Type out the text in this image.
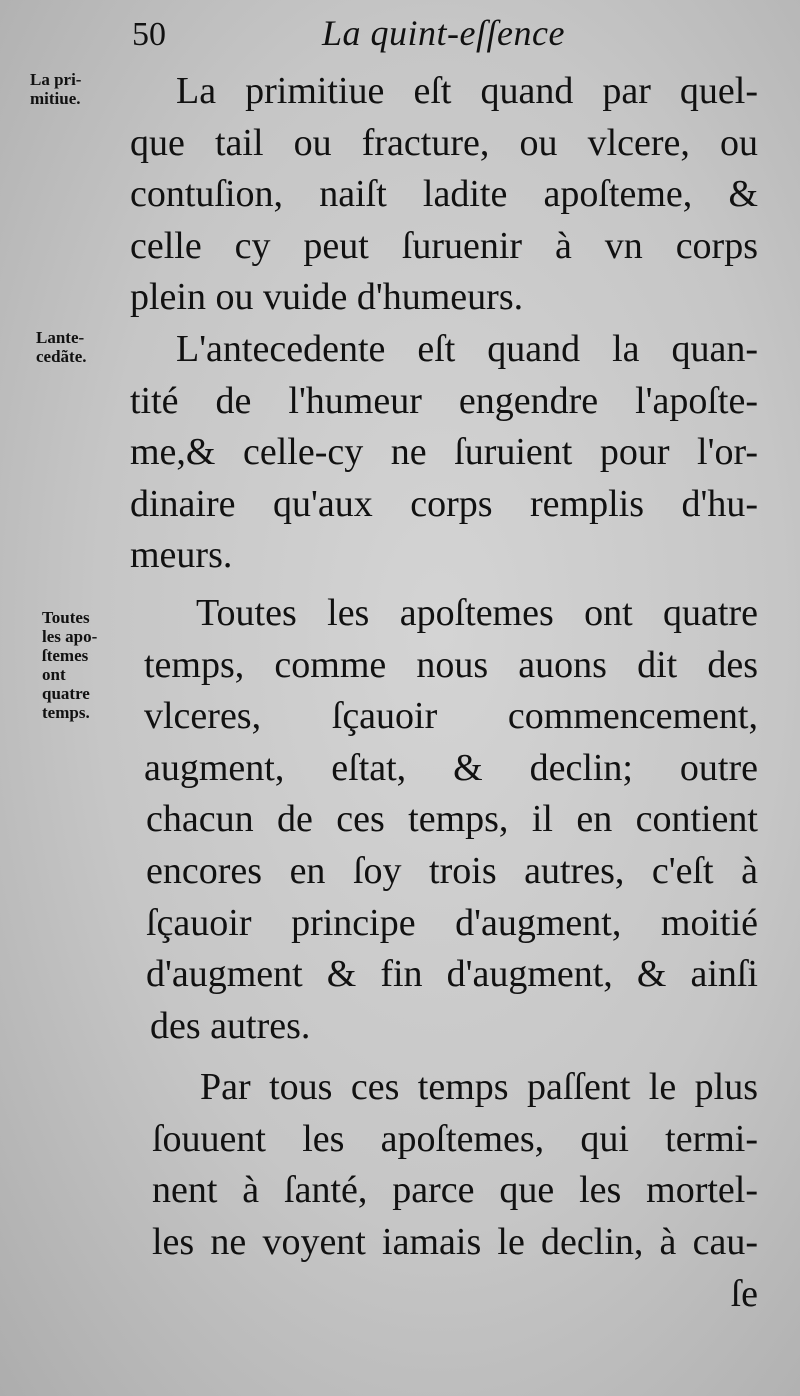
50	La quint-eſſence
La pri-
mitiue.
Lante-
cedãte.
Toutes
les apo-
ſtemes
ont
quatre
temps.
La primitiue eſt quand par quel-
que tail ou fracture, ou vlcere, ou
contuſion, naiſt ladite apoſteme, &
celle cy peut ſuruenir à vn corps
plein ou vuide d'humeurs.
L'antecedente eſt quand la quan-
tité de l'humeur engendre l'apoſte-
me,& celle-cy ne ſuruient pour l'or-
dinaire qu'aux corps remplis d'hu-
meurs.
Toutes les apoſtemes ont quatre
temps, comme nous auons dit des
vlceres, ſçauoir commencement,
augment, eſtat, & declin; outre
chacun de ces temps, il en contient
encores en ſoy trois autres, c'eſt à
ſçauoir principe d'augment, moitié
d'augment & fin d'augment, & ainſi
des autres.
Par tous ces temps paſſent le plus
ſouuent les apoſtemes, qui termi-
nent à ſanté, parce que les mortel-
les ne voyent iamais le declin, à cau-
ſe
